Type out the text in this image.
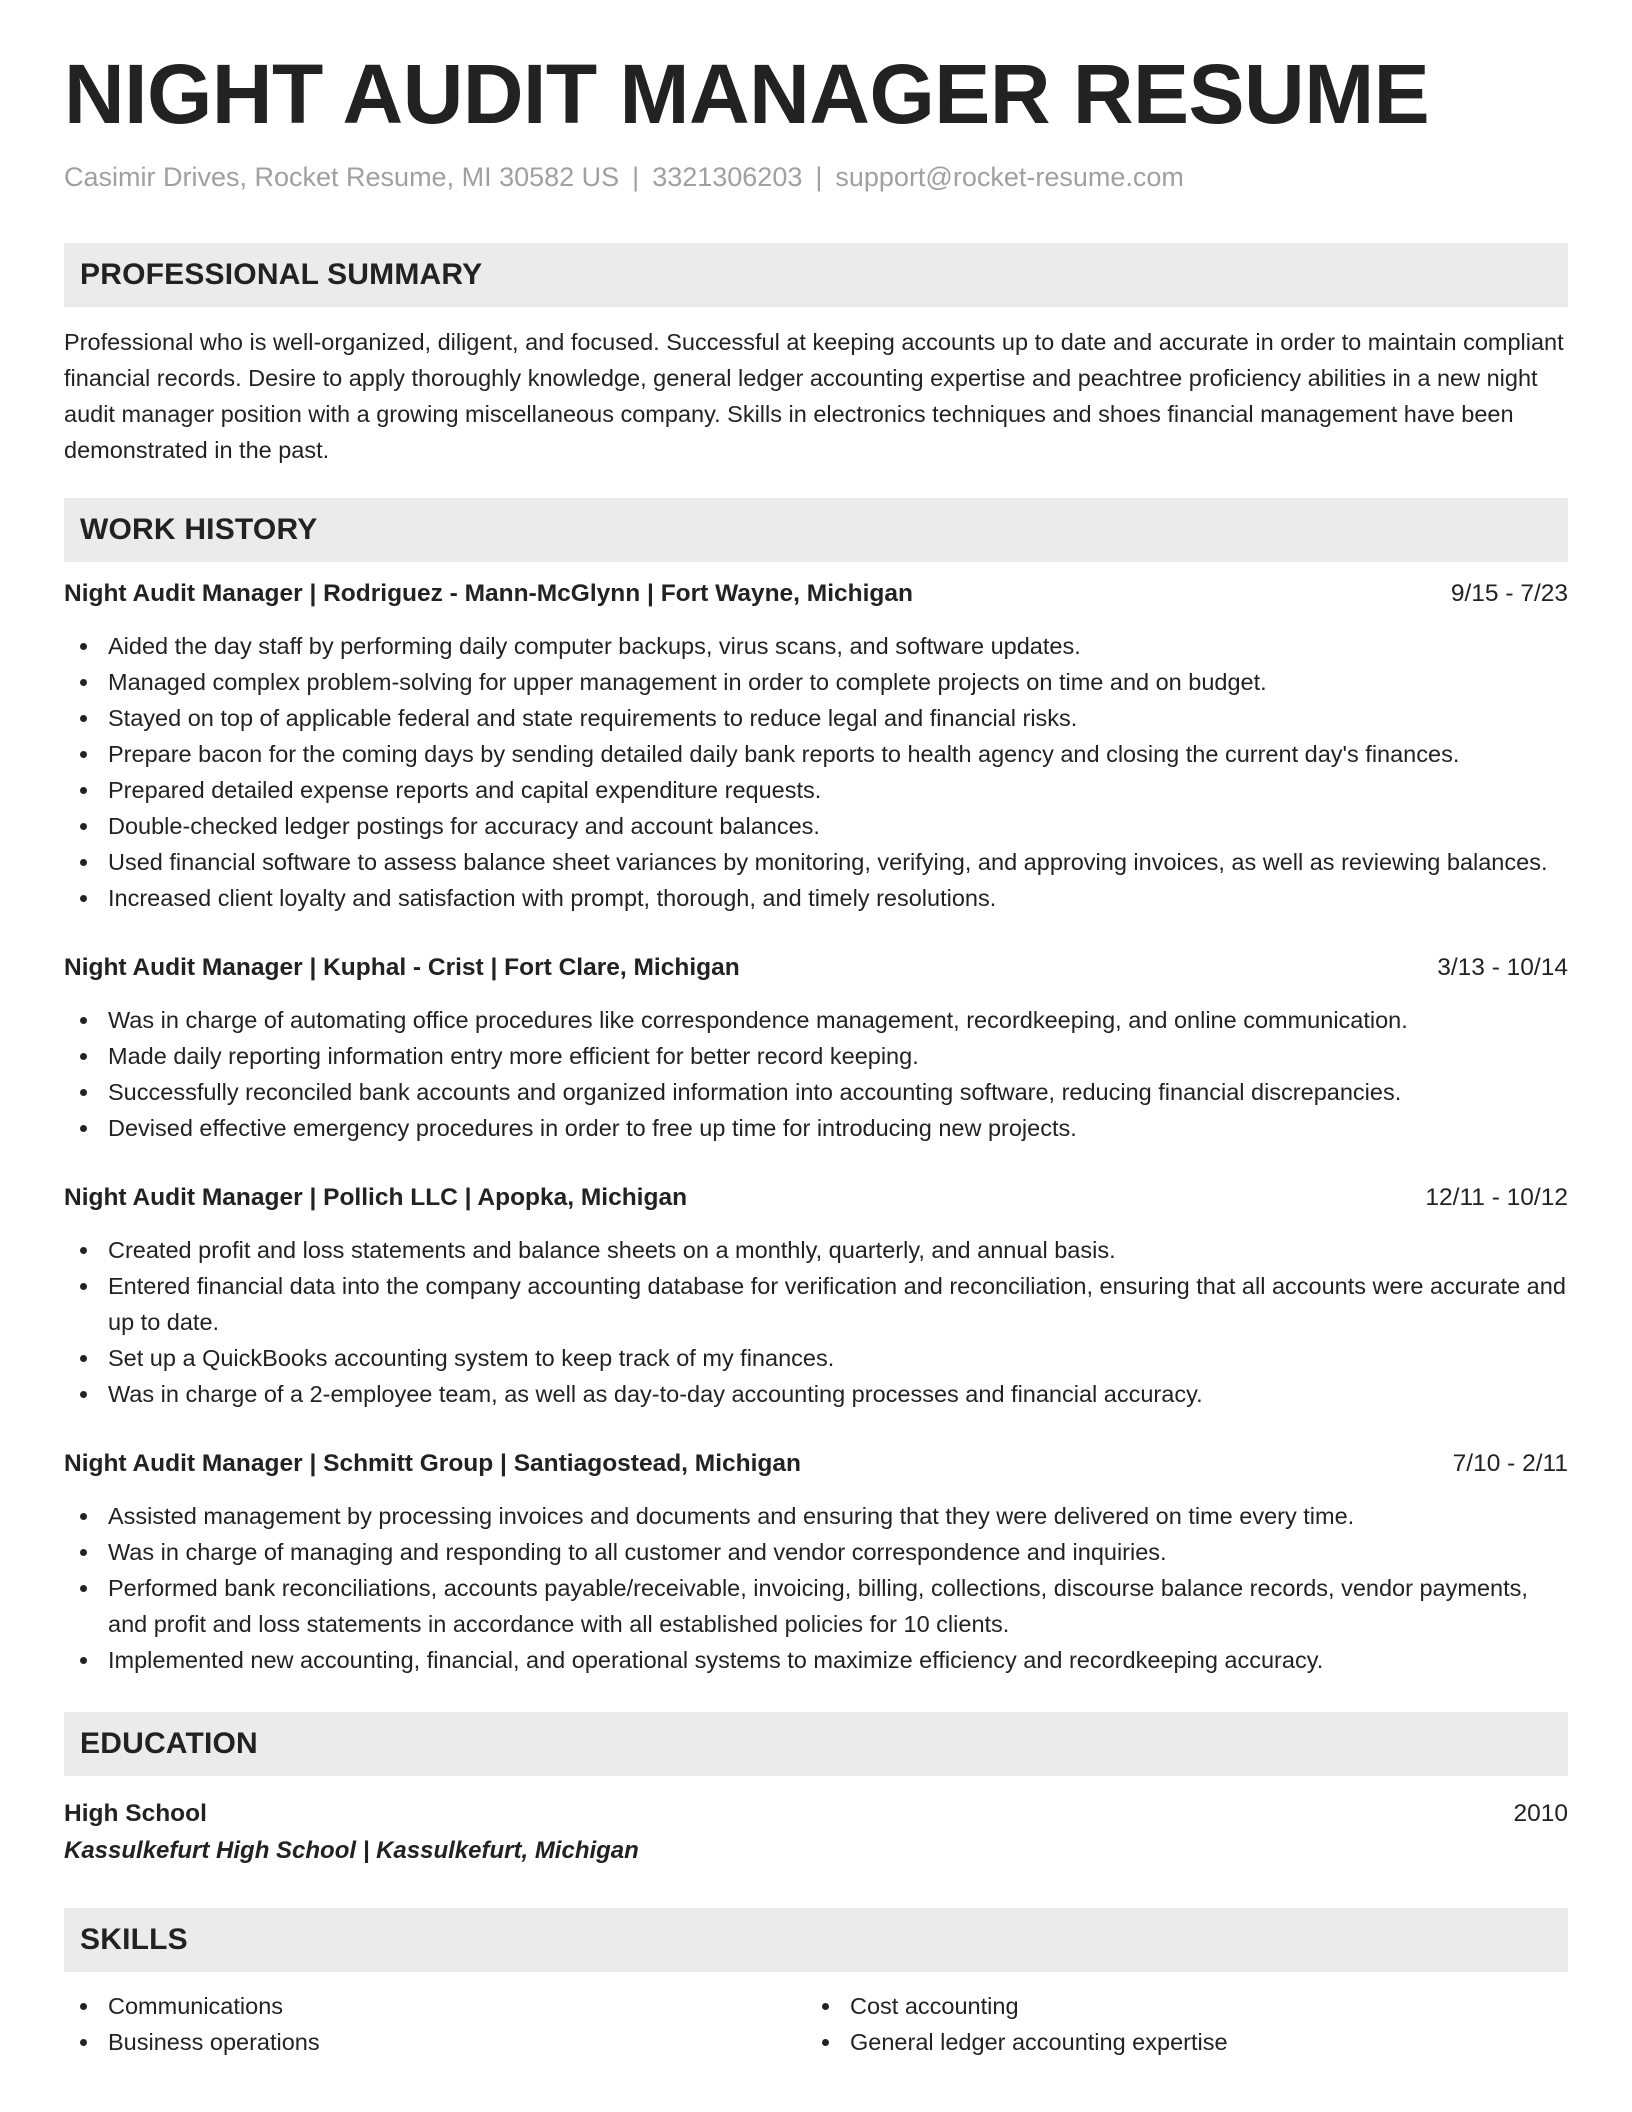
NIGHT AUDIT MANAGER RESUME
Casimir Drives, Rocket Resume, MI 30582 US | 3321306203 | support@rocket-resume.com
PROFESSIONAL SUMMARY

Professional who is well-organized, diligent, and focused. Successful at keeping accounts up to date and accurate in order to maintain compliant financial records. Desire to apply thoroughly knowledge, general ledger accounting expertise and peachtree proficiency abilities in a new night audit manager position with a growing miscellaneous company. Skills in electronics techniques and shoes financial management have been demonstrated in the past.

WORK HISTORY
Night Audit Manager | Rodriguez - Mann-McGlynn | Fort Wayne, Michigan	9/15 - 7/23
Aided the day staff by performing daily computer backups, virus scans, and software updates.
Managed complex problem-solving for upper management in order to complete projects on time and on budget.
Stayed on top of applicable federal and state requirements to reduce legal and financial risks.
Prepare bacon for the coming days by sending detailed daily bank reports to health agency and closing the current day's finances.
Prepared detailed expense reports and capital expenditure requests.
Double-checked ledger postings for accuracy and account balances.
Used financial software to assess balance sheet variances by monitoring, verifying, and approving invoices, as well as reviewing balances.
Increased client loyalty and satisfaction with prompt, thorough, and timely resolutions.
Night Audit Manager | Kuphal - Crist | Fort Clare, Michigan	3/13 - 10/14
Was in charge of automating office procedures like correspondence management, recordkeeping, and online communication.
Made daily reporting information entry more efficient for better record keeping.
Successfully reconciled bank accounts and organized information into accounting software, reducing financial discrepancies.
Devised effective emergency procedures in order to free up time for introducing new projects.
Night Audit Manager | Pollich LLC | Apopka, Michigan	12/11 - 10/12
Created profit and loss statements and balance sheets on a monthly, quarterly, and annual basis.
Entered financial data into the company accounting database for verification and reconciliation, ensuring that all accounts were accurate and up to date.
Set up a QuickBooks accounting system to keep track of my finances.
Was in charge of a 2-employee team, as well as day-to-day accounting processes and financial accuracy.
Night Audit Manager | Schmitt Group | Santiagostead, Michigan	7/10 - 2/11
Assisted management by processing invoices and documents and ensuring that they were delivered on time every time.
Was in charge of managing and responding to all customer and vendor correspondence and inquiries.
Performed bank reconciliations, accounts payable/receivable, invoicing, billing, collections, discourse balance records, vendor payments, and profit and loss statements in accordance with all established policies for 10 clients.
Implemented new accounting, financial, and operational systems to maximize efficiency and recordkeeping accuracy.
EDUCATION
High School	2010
Kassulkefurt High School | Kassulkefurt, Michigan
SKILLS
Communications
Business operations
Cost accounting
General ledger accounting expertise
